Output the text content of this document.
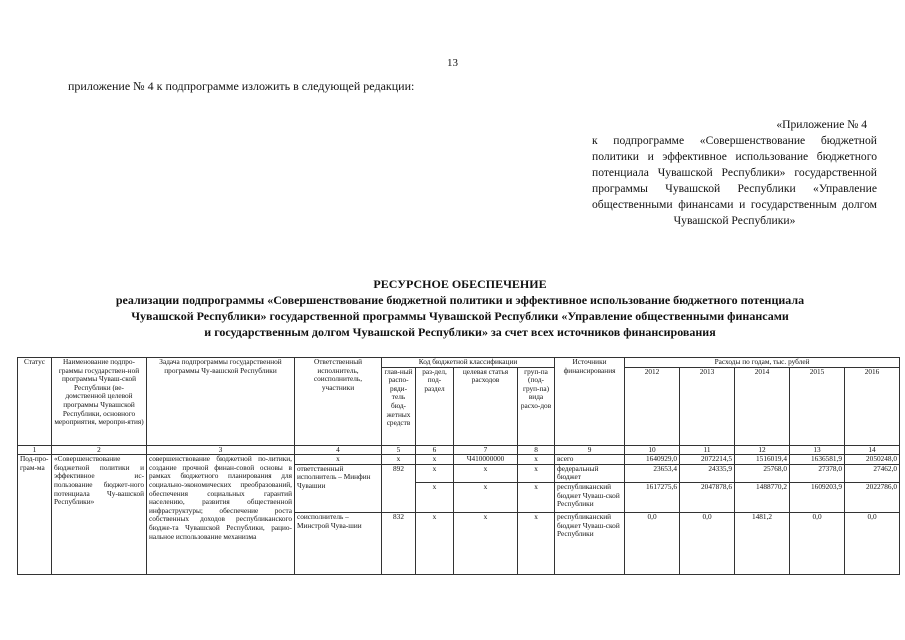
13
приложение № 4 к подпрограмме изложить в следующей редакции:
«Приложение № 4
к подпрограмме «Совершенствование бюджетной политики и эффективное использование бюджетного потенциала Чувашской Республики» государственной программы Чувашской Республики «Управление общественными финансами и государственным долгом Чувашской Республики»
РЕСУРСНОЕ ОБЕСПЕЧЕНИЕ
реализации подпрограммы «Совершенствование бюджетной политики и эффективное использование бюджетного потенциала
Чувашской Республики» государственной программы Чувашской Республики «Управление общественными финансами
и государственным долгом Чувашской Республики» за счет всех источников финансирования
Статус	Наименование подпро-граммы государствен-ной программы Чуваш-ской Республики (ве-домственной целевой программы Чувашской Республики, основного мероприятия, меропри-ятия)	Задача подпрограммы государственной программы Чу-вашской Республики	Ответственный исполнитель, соисполнитель, участники	Код бюджетной классификации				Источники финансирования	Расходы по годам, тыс. рублей				
				глав-ный распо-ряди-тель бюд-жетных средств	раз-дел, под-раздел	целевая статья расходов	груп-па (под-груп-па) вида расхо-дов		2012	2013	2014	2015	2016
1	2	3	4	5	6	7	8	9	10	11	12	13	14
Под-про-грам-ма	«Совершенствование бюджетной политики и эффективное ис-пользование бюджет-ного потенциала Чу-вашской Республики»	совершенствование бюджетной по-литики, создание прочной финан-совой основы в рамках бюджетного планирования для социально-экономических преобразований, обеспечения социальных гарантий населению, развития общественной инфраструктуры; обеспечение роста собственных доходов республиканского бюдже-та Чувашской Республики, рацио-нальное использование механизма	x	x	x	Ч410000000	x	всего	1640929,0	2072214,5	1516019,4	1636581,9	2050248,0
			ответственный исполнитель – Минфин Чувашии	892	x	x	x	федеральный бюджет	23653,4	24335,9	25768,0	27378,0	27462,0
					x	x	x	республиканский бюджет Чуваш-ской Республики	1617275,6	2047878,6	1488770,2	1609203,9	2022786,0
			соисполнитель – Минстрой Чува-шии	832	x	x	x	республиканский бюджет Чуваш-ской Республики	0,0	0,0	1481,2	0,0	0,0
